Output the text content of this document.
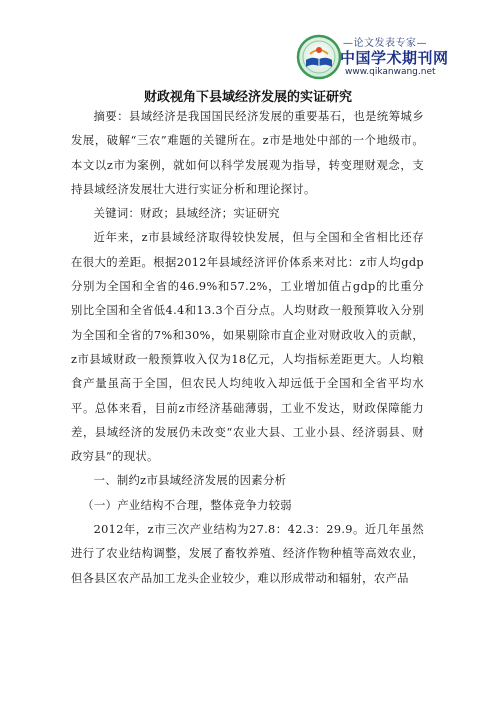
—论文发表专家—
中国学术期刊网
www.qikanwang.net
财政视角下县域经济发展的实证研究

摘要：县域经济是我国国民经济发展的重要基石，也是统筹城乡发展，破解“三农”难题的关键所在。z市是地处中部的一个地级市。本文以z市为案例，就如何以科学发展观为指导，转变理财观念，支持县域经济发展壮大进行实证分析和理论探讨。

关键词：财政；县域经济；实证研究

近年来，z市县域经济取得较快发展，但与全国和全省相比还存在很大的差距。根据2012年县域经济评价体系来对比：z市人均gdp分别为全国和全省的46.9%和57.2%，工业增加值占gdp的比重分别比全国和全省低4.4和13.3个百分点。人均财政一般预算收入分别为全国和全省的7%和30%，如果剔除市直企业对财政收入的贡献，z市县域财政一般预算收入仅为18亿元，人均指标差距更大。人均粮食产量虽高于全国，但农民人均纯收入却远低于全国和全省平均水平。总体来看，目前z市经济基础薄弱，工业不发达，财政保障能力差，县域经济的发展仍未改变“农业大县、工业小县、经济弱县、财政穷县”的现状。

一、制约z市县域经济发展的因素分析

（一）产业结构不合理，整体竞争力较弱

2012年，z市三次产业结构为27.8：42.3：29.9。近几年虽然进行了农业结构调整，发展了畜牧养殖、经济作物种植等高效农业，但各县区农产品加工龙头企业较少，难以形成带动和辐射，农产品
